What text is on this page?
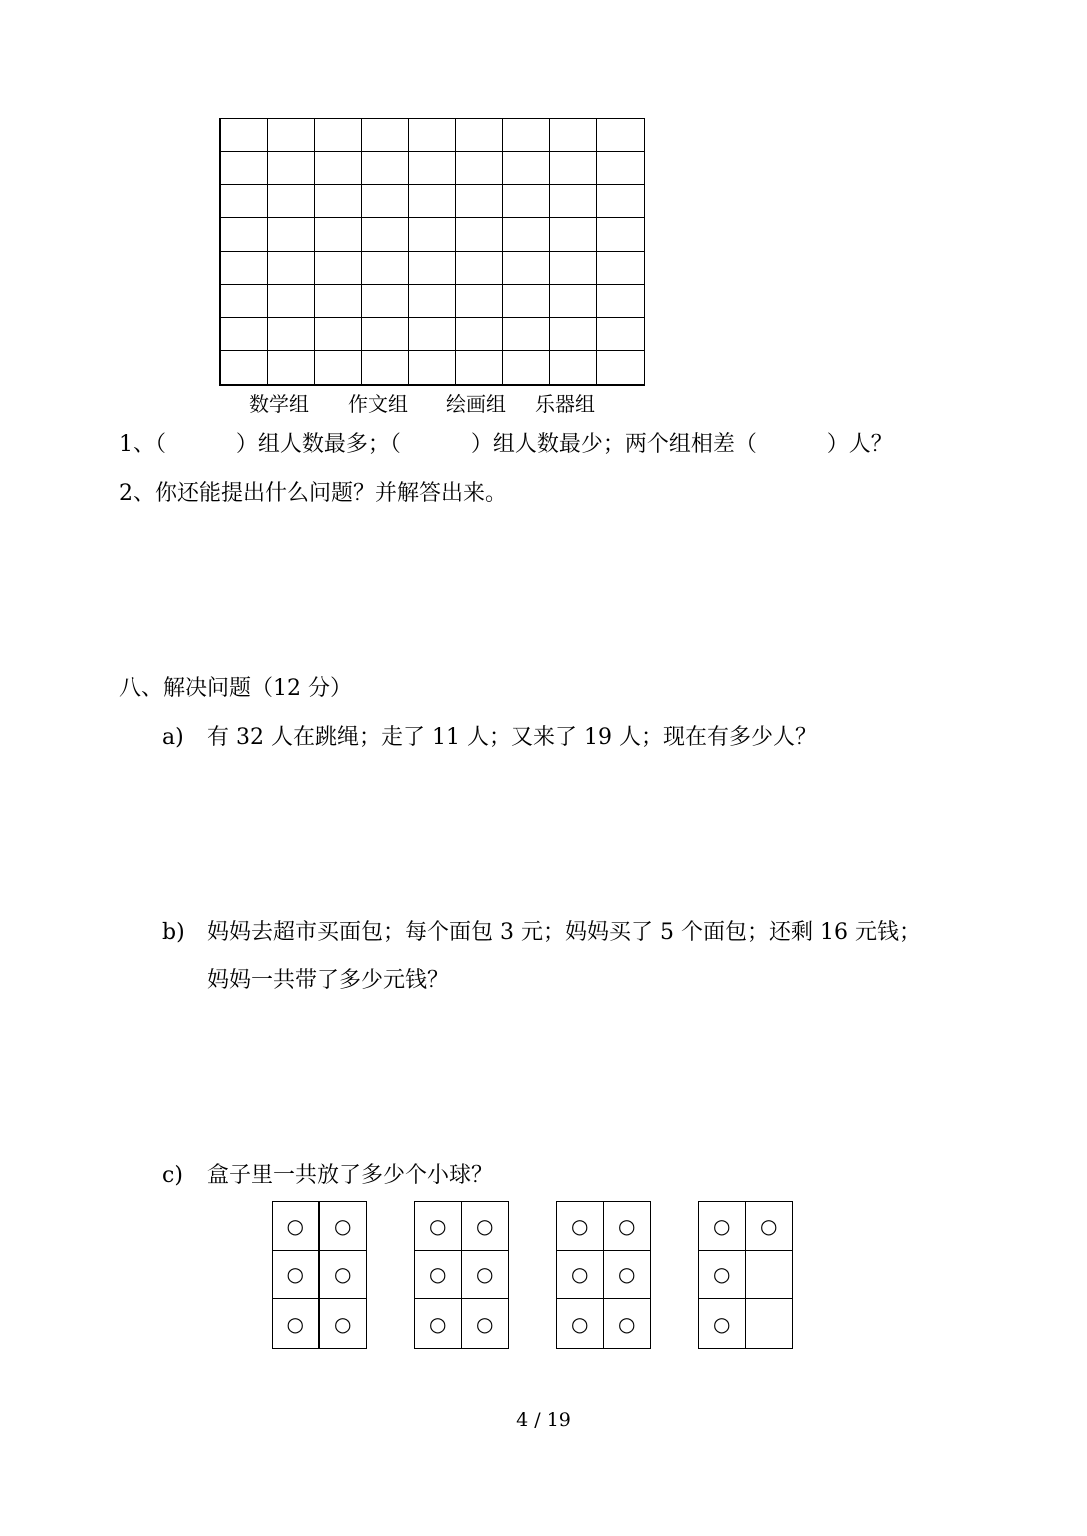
数学组 作文组 绘画组 乐器组
1、（          ）组人数最多；（          ）组人数最少；两个组相差（          ）人？
2、你还能提出什么问题？并解答出来。
八、解决问题（12 分）
a) 有 32 人在跳绳；走了 11 人；又来了 19 人；现在有多少人？
b) 妈妈去超市买面包；每个面包 3 元；妈妈买了 5 个面包；还剩 16 元钱；
妈妈一共带了多少元钱？
c) 盒子里一共放了多少个小球？
○	○
○	○
○	○
○	○
○	○
○	○
○	○
○	○
○	○
○	○
○
○
4 / 19
